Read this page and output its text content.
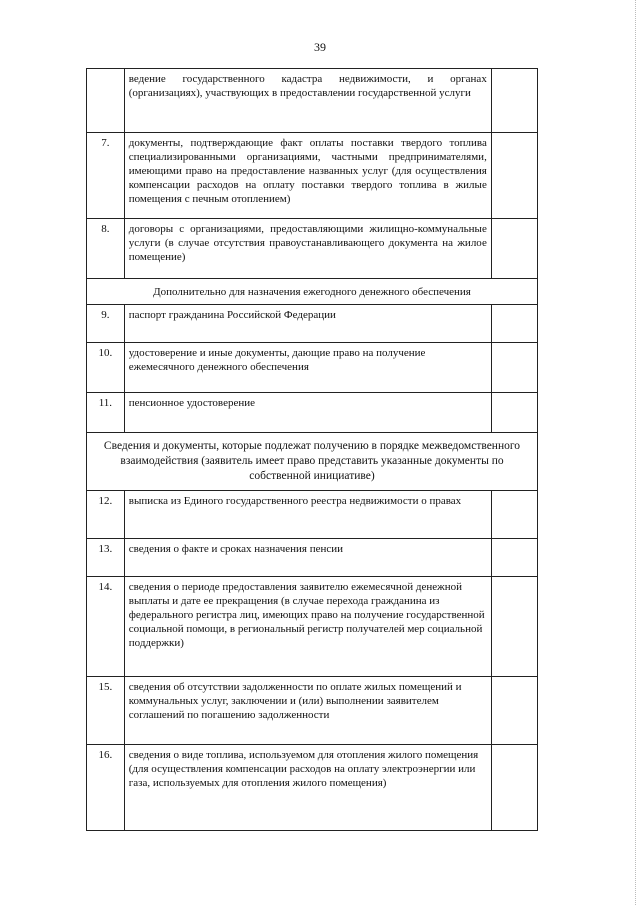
39
	ведение государственного кадастра недвижимости, и органах (организациях), участвующих в предоставлении государственной услуги	
7.	документы, подтверждающие факт оплаты поставки твердого топлива специализированными организациями, частными предпринимателями, имеющими право на предоставление названных услуг (для осуществления компенсации расходов на оплату поставки твердого топлива в жилые помещения с печным отоплением)	
8.	договоры с организациями, предоставляющими жилищно-коммунальные услуги (в случае отсутствия правоустанавливающего документа на жилое помещение)	
Дополнительно для назначения ежегодного денежного обеспечения		
9.	паспорт гражданина Российской Федерации	
10.	удостоверение и иные документы, дающие право на получение ежемесячного денежного обеспечения	
11.	пенсионное удостоверение	
Сведения и документы, которые подлежат получению в порядке межведомственного взаимодействия (заявитель имеет право представить указанные документы по собственной инициативе)		
12.	выписка из Единого государственного реестра недвижимости о правах	
13.	сведения о факте и сроках назначения пенсии	
14.	сведения о периоде предоставления заявителю ежемесячной денежной выплаты и дате ее прекращения (в случае перехода гражданина из федерального регистра лиц, имеющих право на получение государственной социальной помощи, в региональный регистр получателей мер социальной поддержки)	
15.	сведения об отсутствии задолженности по оплате жилых помещений и коммунальных услуг, заключении и (или) выполнении заявителем соглашений по погашению задолженности	
16.	сведения о виде топлива, используемом для отопления жилого помещения (для осуществления компенсации расходов на оплату электроэнергии или газа, используемых для отопления жилого помещения)	
